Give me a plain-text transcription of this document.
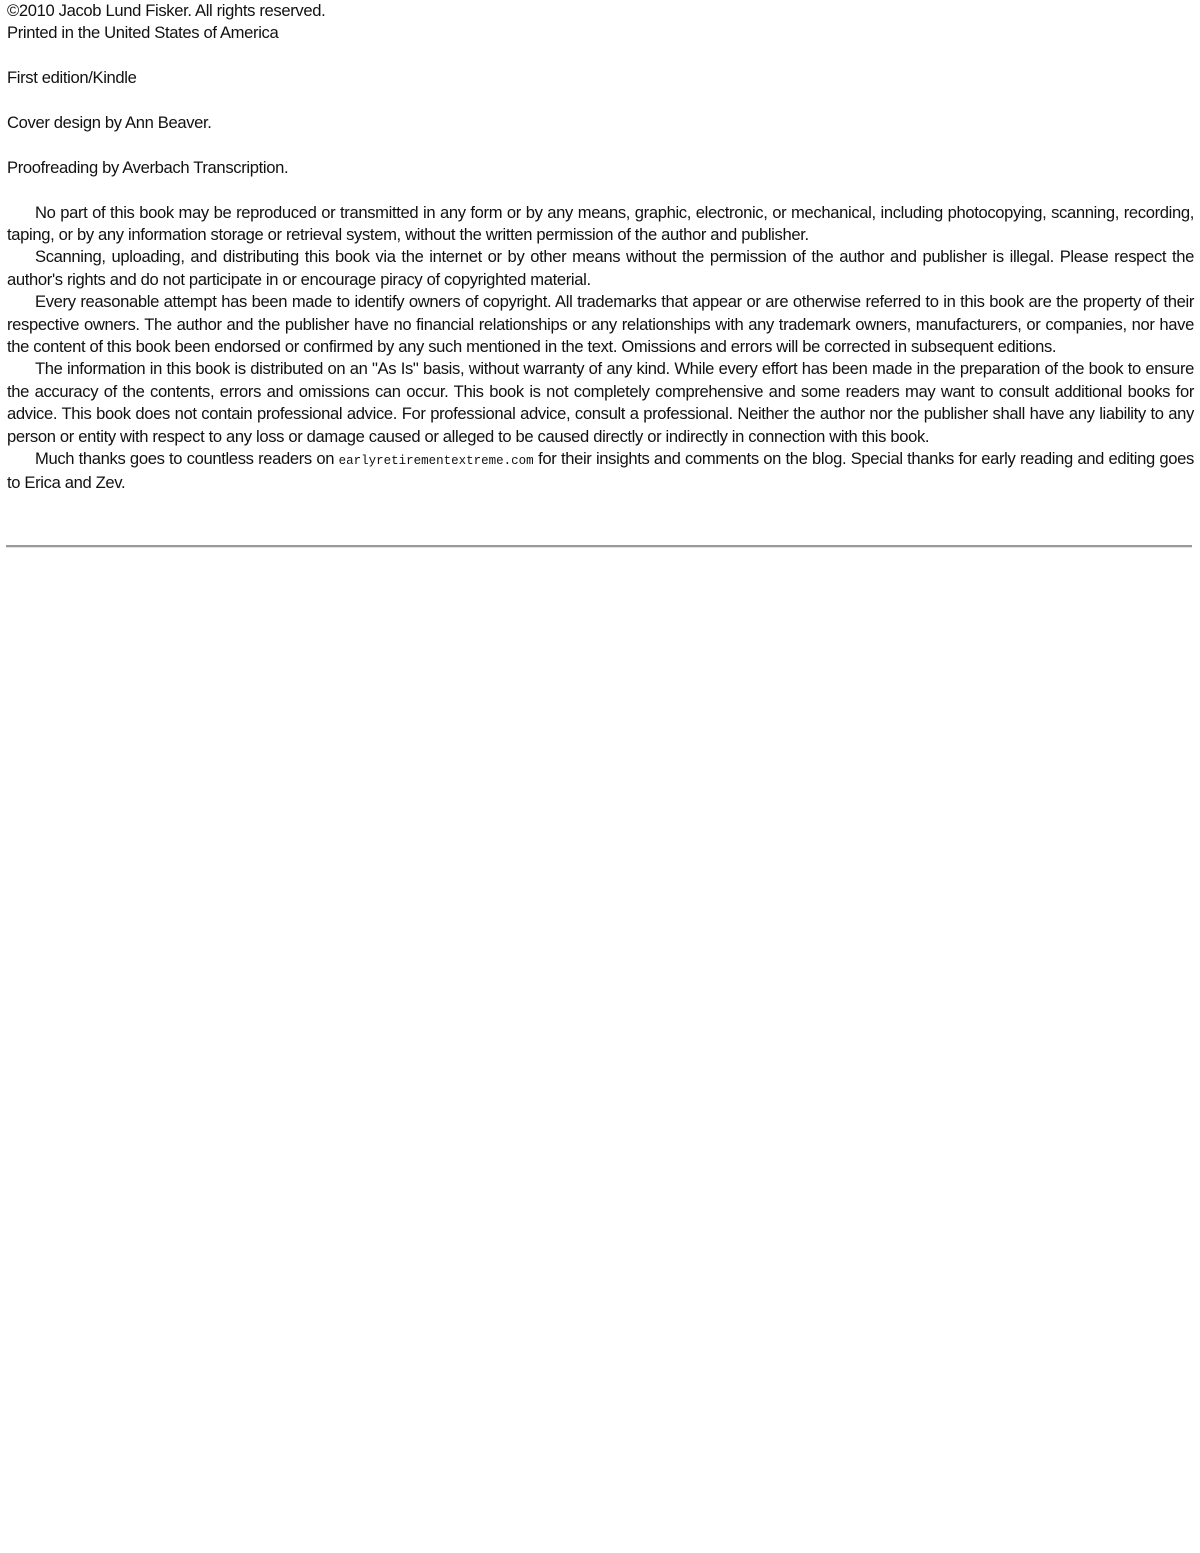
©2010 Jacob Lund Fisker. All rights reserved.

Printed in the United States of America

First edition/Kindle

Cover design by Ann Beaver.

Proofreading by Averbach Transcription.

No part of this book may be reproduced or transmitted in any form or by any means, graphic, electronic, or mechanical, including photocopying, scanning, recording, taping, or by any information storage or retrieval system, without the written permission of the author and publisher.

Scanning, uploading, and distributing this book via the internet or by other means without the permission of the author and publisher is illegal. Please respect the author's rights and do not participate in or encourage piracy of copyrighted material.

Every reasonable attempt has been made to identify owners of copyright. All trademarks that appear or are otherwise referred to in this book are the property of their respective owners. The author and the publisher have no financial relationships or any relationships with any trademark owners, manufacturers, or companies, nor have the content of this book been endorsed or confirmed by any such mentioned in the text. Omissions and errors will be corrected in subsequent editions.

The information in this book is distributed on an "As Is" basis, without warranty of any kind. While every effort has been made in the preparation of the book to ensure the accuracy of the contents, errors and omissions can occur. This book is not completely comprehensive and some readers may want to consult additional books for advice. This book does not contain professional advice. For professional advice, consult a professional. Neither the author nor the publisher shall have any liability to any person or entity with respect to any loss or damage caused or alleged to be caused directly or indirectly in connection with this book.

Much thanks goes to countless readers on earlyretirementextreme.com for their insights and comments on the blog. Special thanks for early reading and editing goes to Erica and Zev.
